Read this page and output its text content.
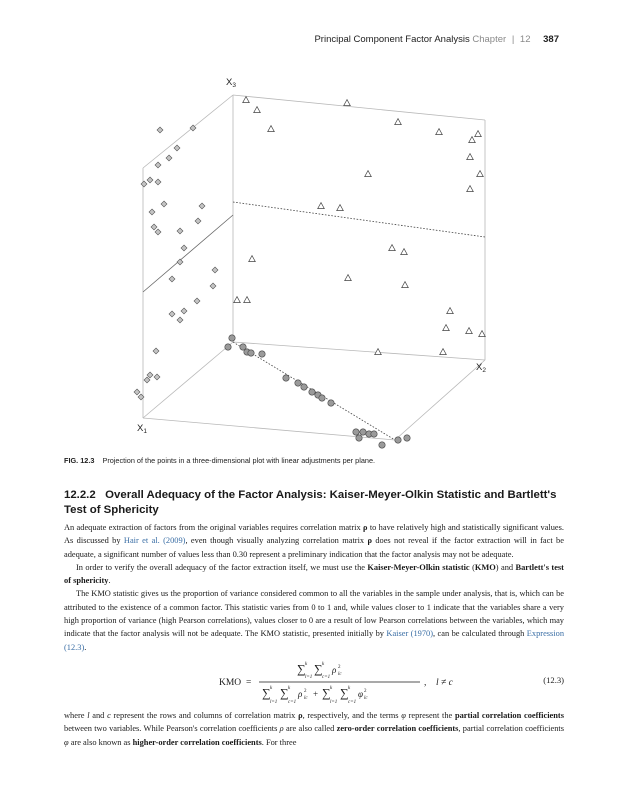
Principal Component Factor Analysis Chapter | 12 387
$X_3$
$X_2$
$X_1$
FIG. 12.3 Projection of the points in a three-dimensional plot with linear adjustments per plane.
12.2.2 Overall Adequacy of the Factor Analysis: Kaiser-Meyer-Olkin Statistic and Bartlett's Test of Sphericity

An adequate extraction of factors from the original variables requires correlation matrix ρ to have relatively high and statistically significant values. As discussed by Hair et al. (2009), even though visually analyzing correlation matrix ρ does not reveal if the factor extraction will in fact be adequate, a significant number of values less than 0.30 represent a preliminary indication that the factor analysis may not be adequate.

In order to verify the overall adequacy of the factor extraction itself, we must use the Kaiser-Meyer-Olkin statistic (KMO) and Bartlett's test of sphericity.

The KMO statistic gives us the proportion of variance considered common to all the variables in the sample under analysis, that is, which can be attributed to the existence of a common factor. This statistic varies from 0 to 1 and, while values closer to 1 indicate that the variables share a very high proportion of variance (high Pearson correlations), values closer to 0 are a result of low Pearson correlations between the variables, which may indicate that the factor analysis will not be adequate. The KMO statistic, presented initially by Kaiser (1970), can be calculated through Expression (12.3).

KMO =
∑
l=1
k ∑
c=1
k
ρ lc
2
∑
l=1
k ∑
c=1
k
ρ lc
2 + ∑
l=1
k ∑
c=1
k
φ lc
2
, l ≠ c	(12.3)

where l and c represent the rows and columns of correlation matrix ρ, respectively, and the terms φ represent the partial correlation coefficients between two variables. While Pearson's correlation coefficients ρ are also called zero-order correlation coefficients, partial correlation coefficients φ are also known as higher-order correlation coefficients. For three
